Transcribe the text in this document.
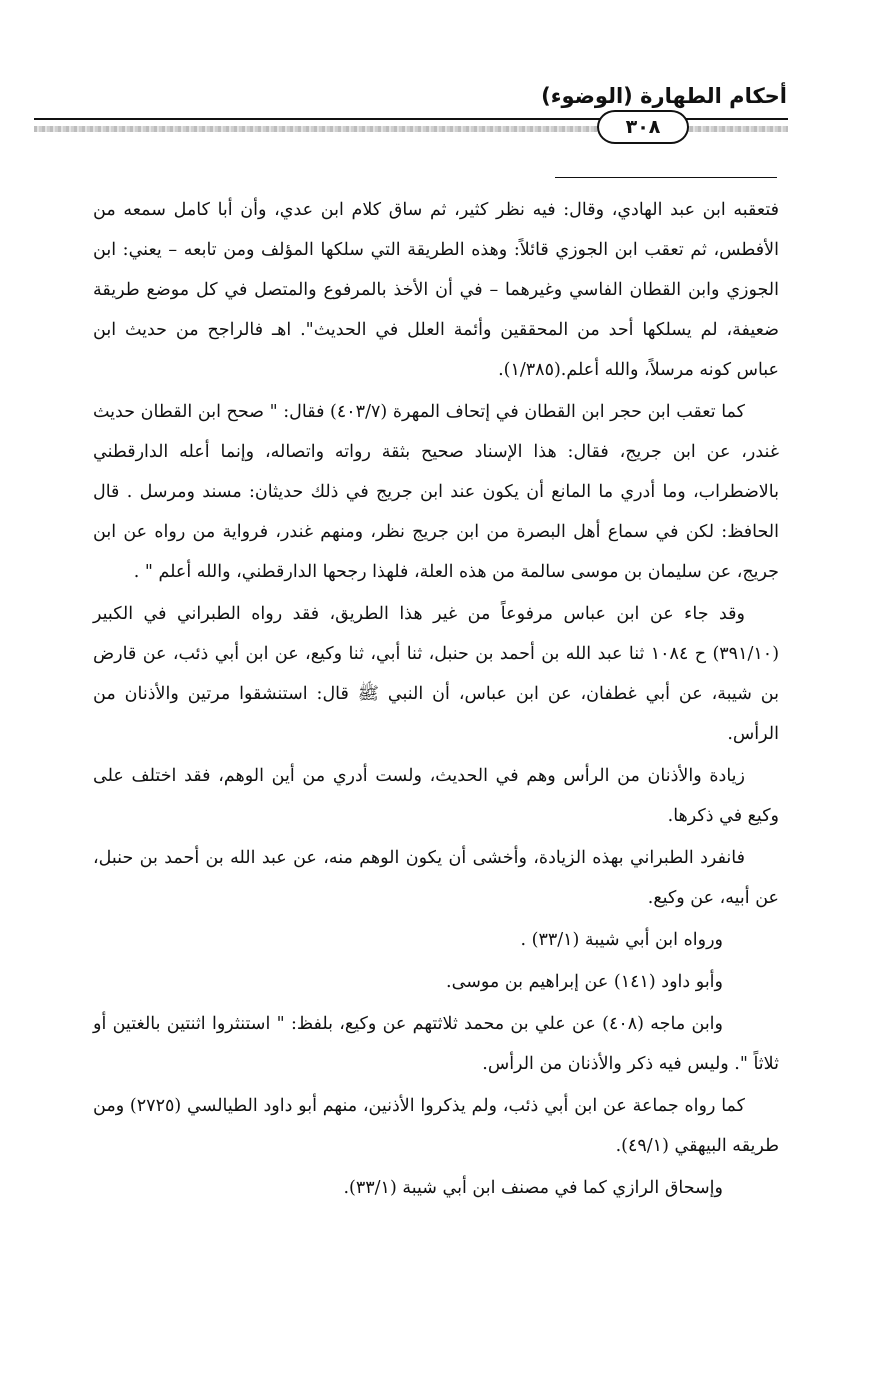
أحكام الطهارة (الوضوء)
٣٠٨

فتعقبه ابن عبد الهادي، وقال: فيه نظر كثير، ثم ساق كلام ابن عدي، وأن أبا كامل سمعه من الأفطس، ثم تعقب ابن الجوزي قائلاً: وهذه الطريقة التي سلكها المؤلف ومن تابعه – يعني: ابن الجوزي وابن القطان الفاسي وغيرهما – في أن الأخذ بالمرفوع والمتصل في كل موضع طريقة ضعيفة، لم يسلكها أحد من المحققين وأئمة العلل في الحديث". اهـ فالراجح من حديث ابن عباس كونه مرسلاً، والله أعلم.(١/٣٨٥).

كما تعقب ابن حجر ابن القطان في إتحاف المهرة (٤٠٣/٧) فقال: " صحح ابن القطان حديث غندر، عن ابن جريج، فقال: هذا الإسناد صحيح بثقة رواته واتصاله، وإنما أعله الدارقطني بالاضطراب، وما أدري ما المانع أن يكون عند ابن جريج في ذلك حديثان: مسند ومرسل . قال الحافظ: لكن في سماع أهل البصرة من ابن جريج نظر، ومنهم غندر، فرواية من رواه عن ابن جريج، عن سليمان بن موسى سالمة من هذه العلة، فلهذا رجحها الدارقطني، والله أعلم " .

وقد جاء عن ابن عباس مرفوعاً من غير هذا الطريق، فقد رواه الطبراني في الكبير (٣٩١/١٠) ح ١٠٨٤ ثنا عبد الله بن أحمد بن حنبل، ثنا أبي، ثنا وكيع، عن ابن أبي ذئب، عن قارض بن شيبة، عن أبي غطفان، عن ابن عباس، أن النبي ﷺ قال: استنشقوا مرتين والأذنان من الرأس.

زيادة والأذنان من الرأس وهم في الحديث، ولست أدري من أين الوهم، فقد اختلف على وكيع في ذكرها.

فانفرد الطبراني بهذه الزيادة، وأخشى أن يكون الوهم منه، عن عبد الله بن أحمد بن حنبل، عن أبيه، عن وكيع.

ورواه ابن أبي شيبة (٣٣/١) .

وأبو داود (١٤١) عن إبراهيم بن موسى.

وابن ماجه (٤٠٨) عن علي بن محمد ثلاثتهم عن وكيع، بلفظ: " استنثروا اثنتين بالغتين أو ثلاثاً ". وليس فيه ذكر والأذنان من الرأس.

كما رواه جماعة عن ابن أبي ذئب، ولم يذكروا الأذنين، منهم أبو داود الطيالسي (٢٧٢٥) ومن طريقه البيهقي (٤٩/١).

وإسحاق الرازي كما في مصنف ابن أبي شيبة (٣٣/١).
